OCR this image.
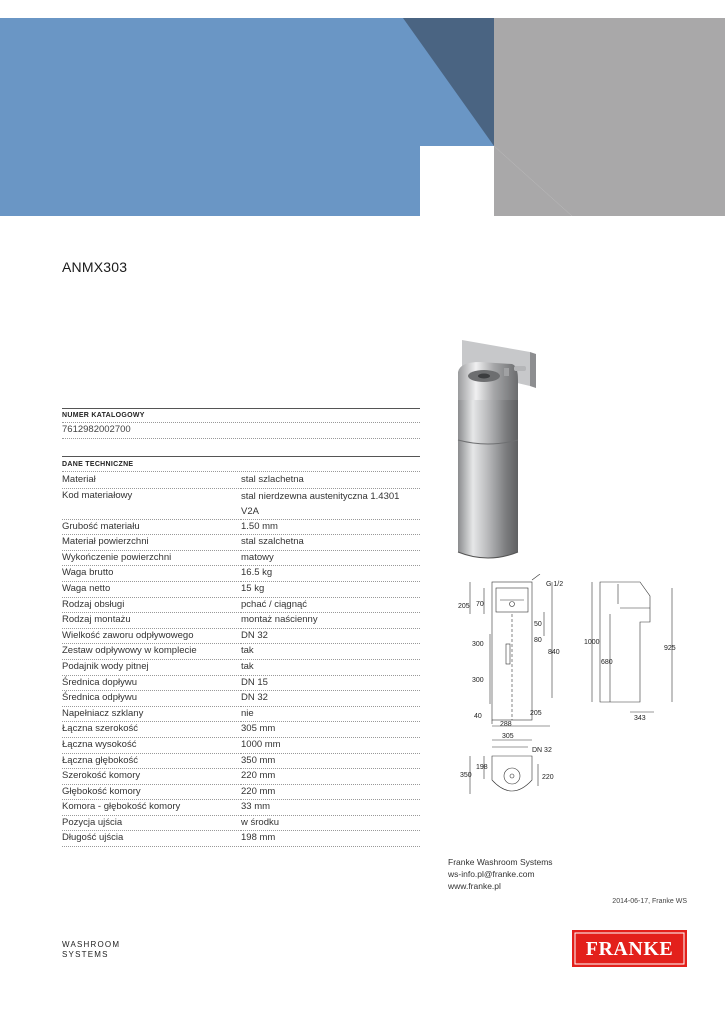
ANMX303
NUMER KATALOGOWY
7612982002700
DANE TECHNICZNE
Materiał	stal szlachetna
Kod materiałowy	stal nierdzewna austenityczna 1.4301 V2A
Grubość materiału	1.50 mm
Materiał powierzchni	stal szalchetna
Wykończenie powierzchni	matowy
Waga brutto	16.5 kg
Waga netto	15 kg
Rodzaj obsługi	pchać / ciągnąć
Rodzaj montażu	montaż naścienny
Wielkość zaworu odpływowego	DN 32
Zestaw odpływowy w komplecie	tak
Podajnik wody pitnej	tak
Średnica dopływu	DN 15
Średnica odpływu	DN 32
Napełniacz szklany	nie
Łączna szerokość	305 mm
Łączna wysokość	1000 mm
Łączna głębokość	350 mm
Szerokość komory	220 mm
Głębokość komory	220 mm
Komora - głębokość komory	33 mm
Pozycja ujścia	w środku
Długość ujścia	198 mm
G 1/2
205 70
50
300
80
840
300
40
288
205
1000
680
925
343
305
DN 32
198
350	220
Franke Washroom Systems
ws-info.pl@franke.com
www.franke.pl
2014-06-17, Franke WS
WASHROOM
SYSTEMS	FRANKE
